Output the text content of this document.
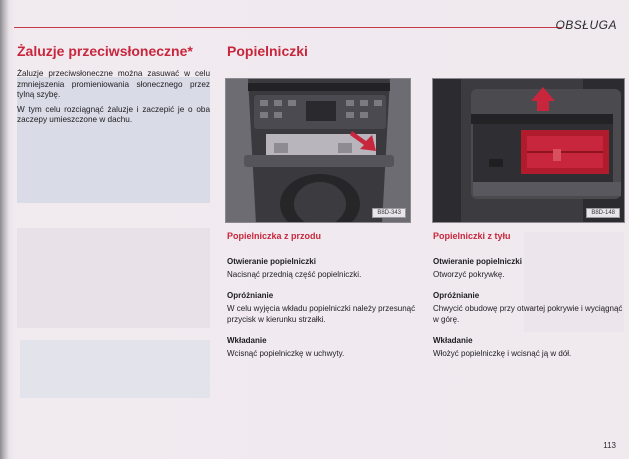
OBSŁUGA
Żaluzje przeciwsłoneczne*

Żaluzje przeciwsłoneczne można zasuwać w celu zmniejszenia promieniowania słonecznego przez tylną szybę.

W tym celu rozciągnąć żaluzje i zaczepić je o oba zaczepy umieszczone w dachu.

Popielniczki
B8D-343	B8D-148
Popielniczka z przodu
Otwieranie popielniczki

Nacisnąć przednią część popielniczki.

Opróżnianie

W celu wyjęcia wkładu popielniczki należy przesunąć przycisk w kierunku strzałki.

Wkładanie

Wcisnąć popielniczkę w uchwyty.

Popielniczki z tyłu
Otwieranie popielniczki

Otworzyć pokrywkę.

Opróżnianie

Chwycić obudowę przy otwartej pokrywie i wyciągnąć w górę.

Wkładanie

Włożyć popielniczkę i wcisnąć ją w dół.

113
